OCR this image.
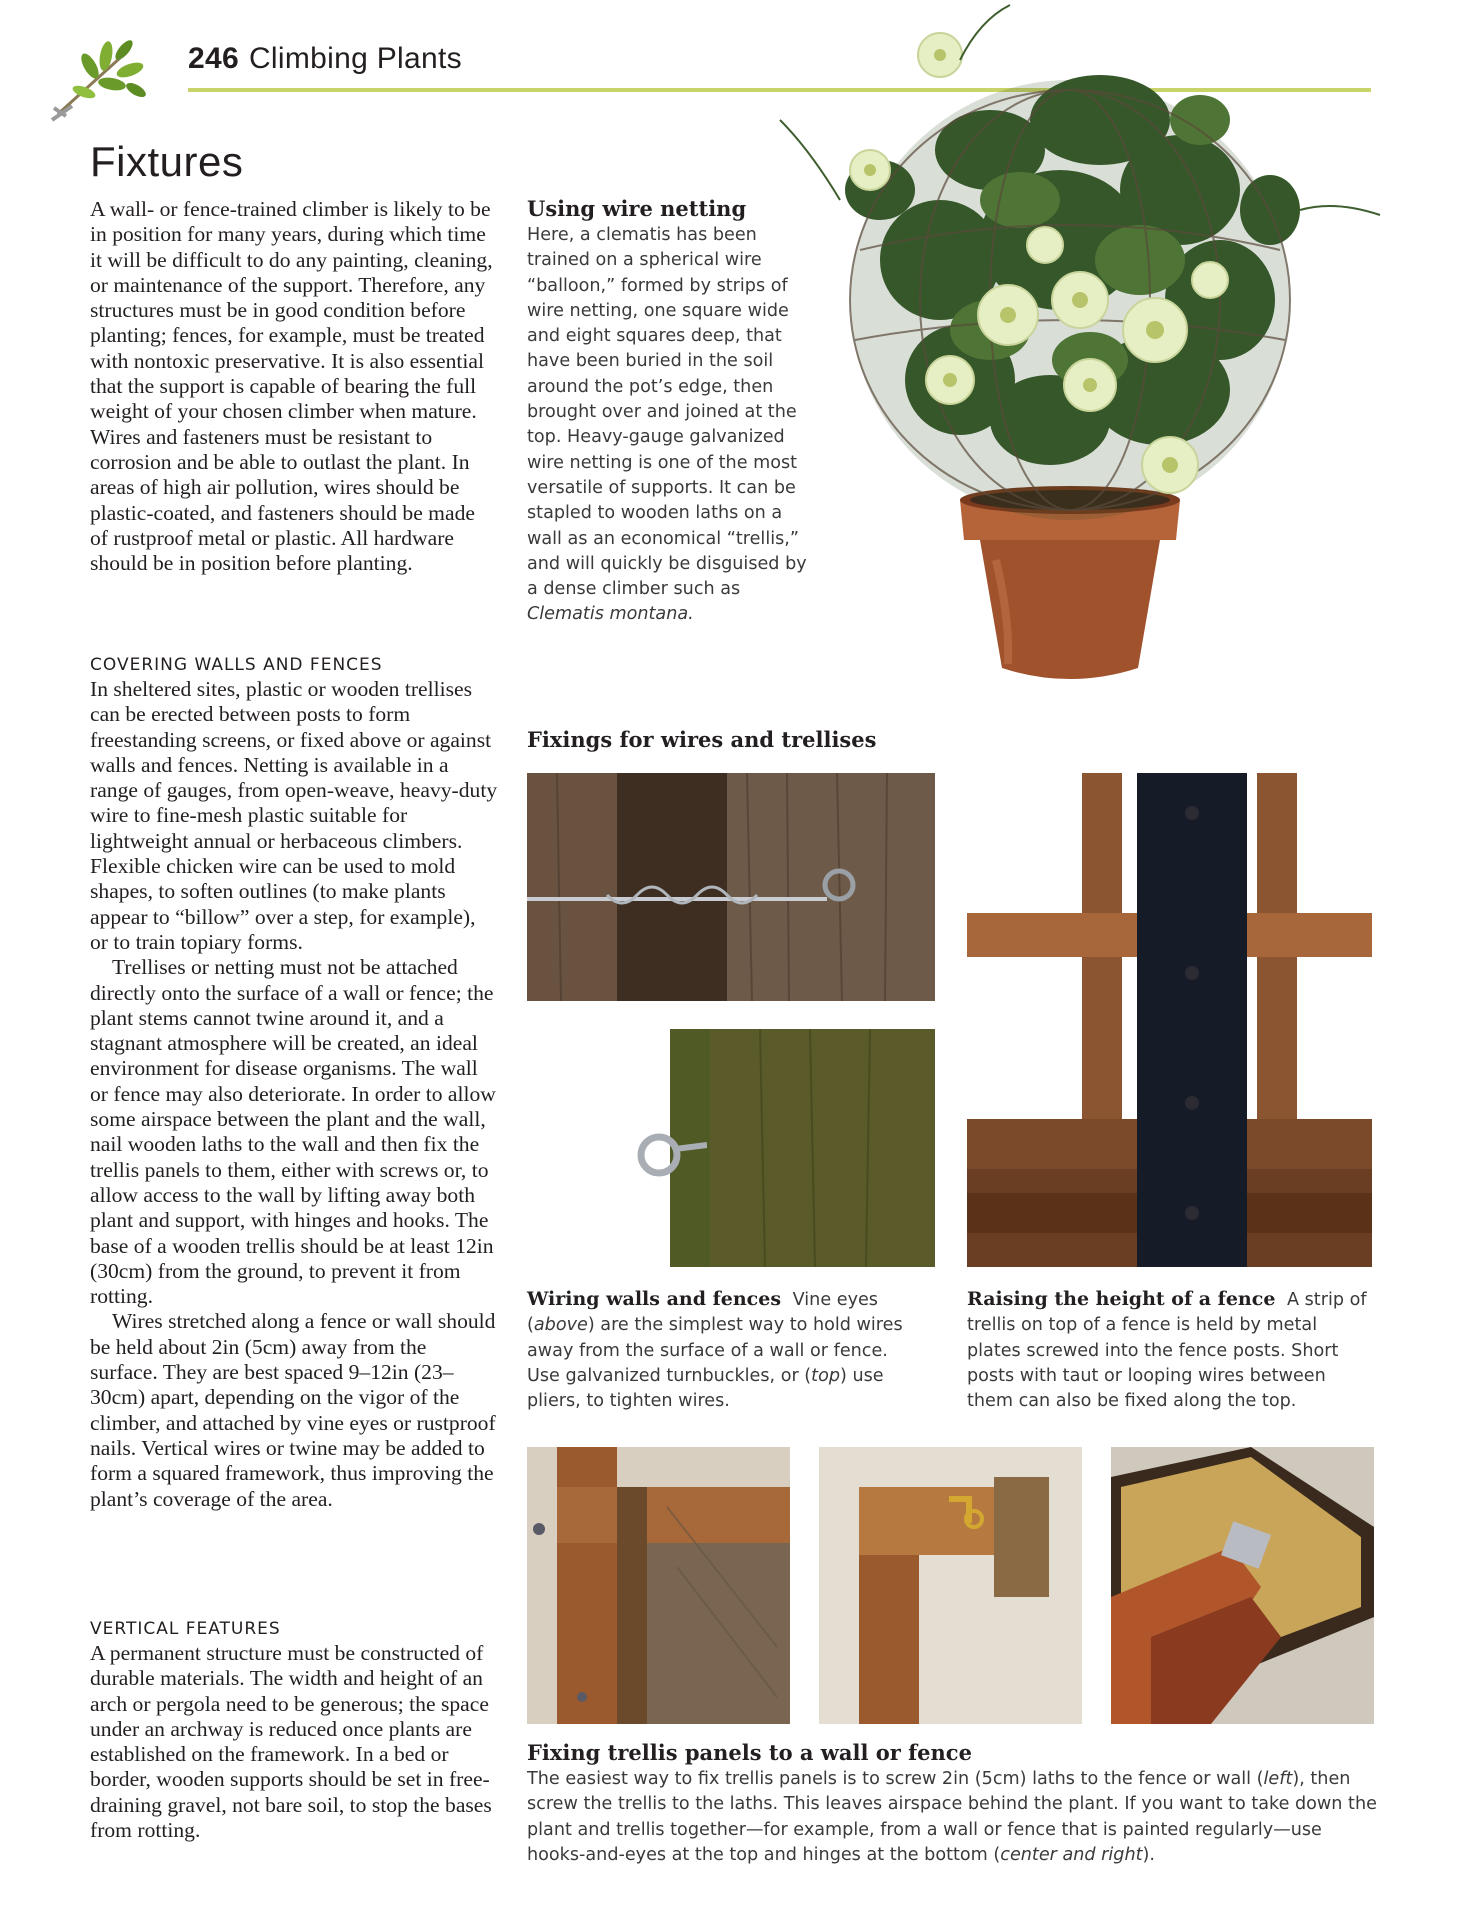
246 Climbing Plants
Fixtures

A wall- or fence-trained climber is likely to be in position for many years, during which time it will be difficult to do any painting, cleaning, or maintenance of the support. Therefore, any structures must be in good condition before planting; fences, for example, must be treated with nontoxic preservative. It is also essential that the support is capable of bearing the full weight of your chosen climber when mature. Wires and fasteners must be resistant to corrosion and be able to outlast the plant. In areas of high air pollution, wires should be plastic-coated, and fasteners should be made of rustproof metal or plastic. All hardware should be in position before planting.

COVERING WALLS AND FENCES

In sheltered sites, plastic or wooden trellises can be erected between posts to form freestanding screens, or fixed above or against walls and fences. Netting is available in a range of gauges, from open-weave, heavy-duty wire to fine-mesh plastic suitable for lightweight annual or herbaceous climbers. Flexible chicken wire can be used to mold shapes, to soften outlines (to make plants appear to “billow” over a step, for example), or to train topiary forms.

Trellises or netting must not be attached directly onto the surface of a wall or fence; the plant stems cannot twine around it, and a stagnant atmosphere will be created, an ideal environment for disease organisms. The wall or fence may also deteriorate. In order to allow some airspace between the plant and the wall, nail wooden laths to the wall and then fix the trellis panels to them, either with screws or, to allow access to the wall by lifting away both plant and support, with hinges and hooks. The base of a wooden trellis should be at least 12in (30cm) from the ground, to prevent it from rotting.

Wires stretched along a fence or wall should be held about 2in (5cm) away from the surface. They are best spaced 9–12in (23–30cm) apart, depending on the vigor of the climber, and attached by vine eyes or rustproof nails. Vertical wires or twine may be added to form a squared framework, thus improving the plant’s coverage of the area.

VERTICAL FEATURES

A permanent structure must be constructed of durable materials. The width and height of an arch or pergola need to be generous; the space under an archway is reduced once plants are established on the framework. In a bed or border, wooden supports should be set in free-draining gravel, not bare soil, to stop the bases from rotting.

Using wire netting
Here, a clematis has been trained on a spherical wire “balloon,” formed by strips of wire netting, one square wide and eight squares deep, that have been buried in the soil around the pot’s edge, then brought over and joined at the top. Heavy-gauge galvanized wire netting is one of the most versatile of supports. It can be stapled to wooden laths on a wall as an economical “trellis,” and will quickly be disguised by a dense climber such as Clematis montana.
Fixings for wires and trellises
Wiring walls and fences Vine eyes (above) are the simplest way to hold wires away from the surface of a wall or fence. Use galvanized turnbuckles, or (top) use pliers, to tighten wires.
Raising the height of a fence A strip of trellis on top of a fence is held by metal plates screwed into the fence posts. Short posts with taut or looping wires between them can also be fixed along the top.
Fixing trellis panels to a wall or fence
The easiest way to fix trellis panels is to screw 2in (5cm) laths to the fence or wall (left), then screw the trellis to the laths. This leaves airspace behind the plant. If you want to take down the plant and trellis together—for example, from a wall or fence that is painted regularly—use hooks-and-eyes at the top and hinges at the bottom (center and right).
